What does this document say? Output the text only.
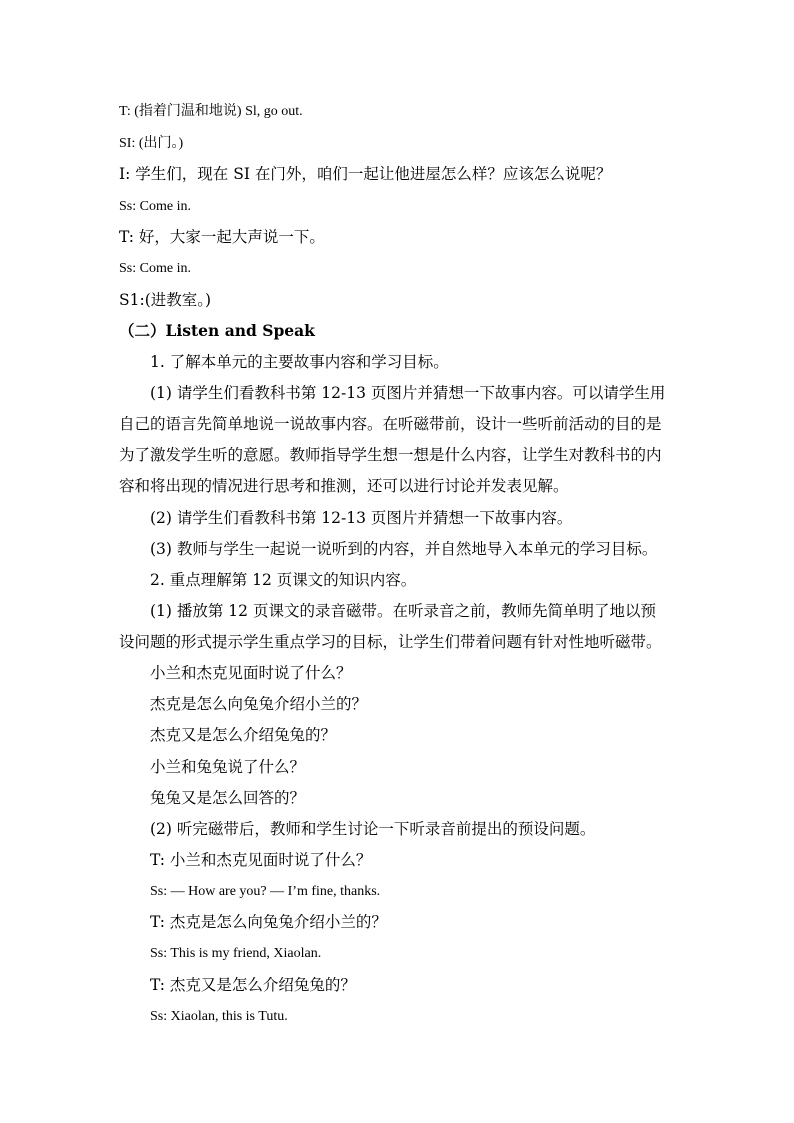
T: (指着门温和地说) Sl, go out.
SI: (出门。)
I: 学生们，现在 SI 在门外，咱们一起让他进屋怎么样？应该怎么说呢？
Ss: Come in.
T: 好，大家一起大声说一下。
Ss: Come in.
S1:(进教室。)
（二）Listen and Speak
1. 了解本单元的主要故事内容和学习目标。
(1) 请学生们看教科书第 12-13 页图片并猜想一下故事内容。可以请学生用
自己的语言先简单地说一说故事内容。在听磁带前，设计一些听前活动的目的是
为了激发学生听的意愿。教师指导学生想一想是什么内容，让学生对教科书的内
容和将出现的情况进行思考和推测，还可以进行讨论并发表见解。
(2) 请学生们看教科书第 12-13 页图片并猜想一下故事内容。
(3) 教师与学生一起说一说听到的内容，并自然地导入本单元的学习目标。
2. 重点理解第 12 页课文的知识内容。
(1) 播放第 12 页课文的录音磁带。在听录音之前，教师先简单明了地以预
设问题的形式提示学生重点学习的目标，让学生们带着问题有针对性地听磁带。
小兰和杰克见面时说了什么？
杰克是怎么向兔兔介绍小兰的？
杰克又是怎么介绍兔兔的？
小兰和兔兔说了什么？
兔兔又是怎么回答的？
(2) 听完磁带后，教师和学生讨论一下听录音前提出的预设问题。
T: 小兰和杰克见面时说了什么？
Ss: — How are you? — I’m fine, thanks.
T: 杰克是怎么向兔兔介绍小兰的？
Ss: This is my friend, Xiaolan.
T: 杰克又是怎么介绍兔兔的？
Ss: Xiaolan, this is Tutu.
